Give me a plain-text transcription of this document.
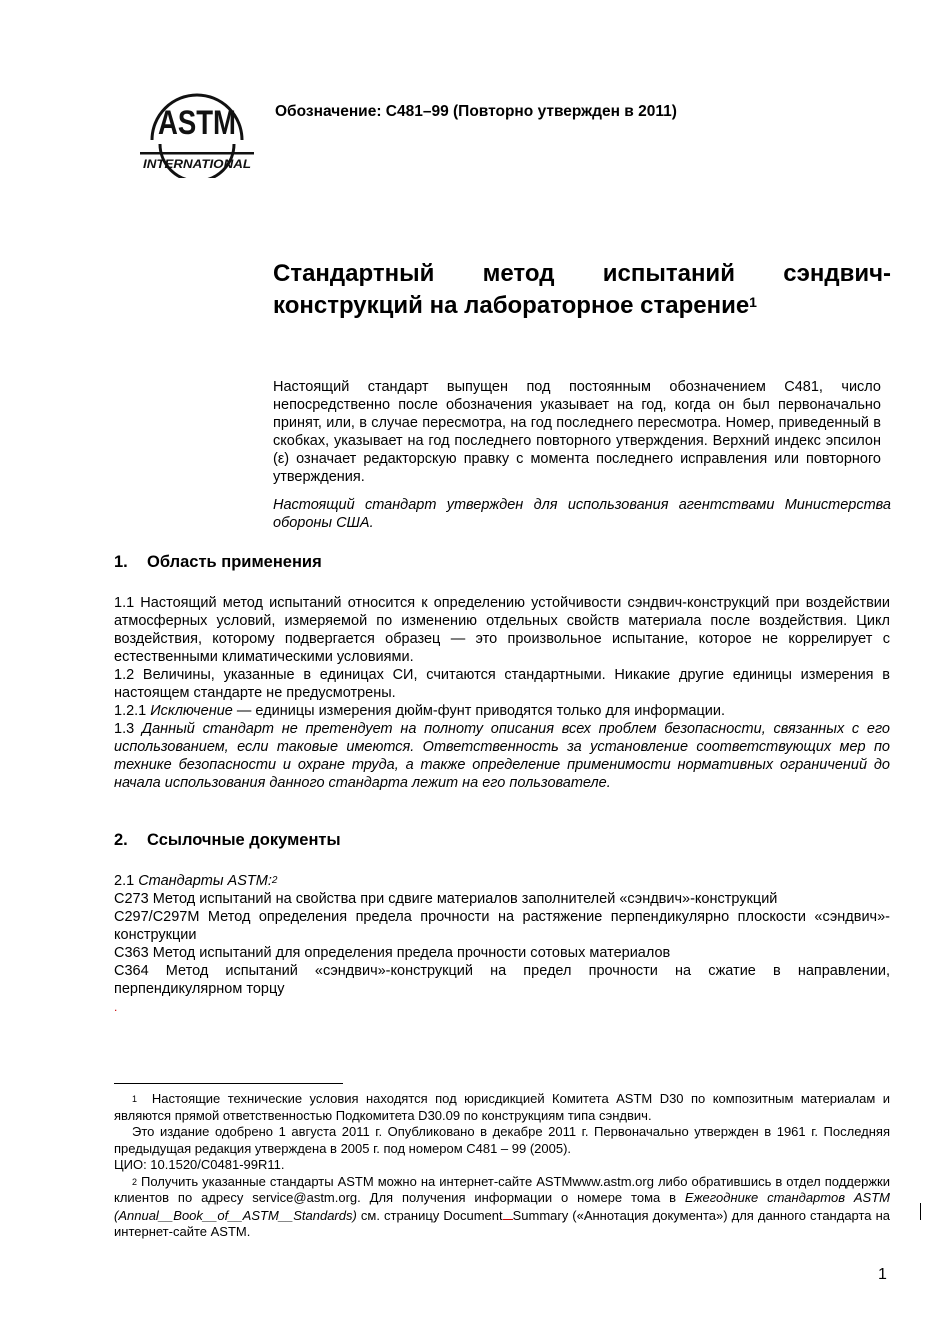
ASTM
INTERNATIONAL
Обозначение: C481–99 (Повторно утвержден в 2011)
Стандартный метод испытаний сэндвич-конструкций на лабораторное старение$^1$
Настоящий стандарт выпущен под постоянным обозначением C481, число непосредственно после обозначения указывает на год, когда он был первоначально принят, или, в случае пересмотра, на год последнего пересмотра. Номер, приведенный в скобках, указывает на год последнего повторного утверждения. Верхний индекс эпсилон (ε) означает редакторскую правку с момента последнего исправления или повторного утверждения.
Настоящий стандарт утвержден для использования агентствами Министерства обороны США.
1. Область применения

1.1 Настоящий метод испытаний относится к определению устойчивости сэндвич-конструкций при воздействии атмосферных условий, измеряемой по изменению отдельных свойств материала после воздействия. Цикл воздействия, которому подвергается образец — это произвольное испытание, которое не коррелирует с естественными климатическими условиями.

1.2 Величины, указанные в единицах СИ, считаются стандартными. Никакие другие единицы измерения в настоящем стандарте не предусмотрены.

1.2.1 Исключение — единицы измерения дюйм-фунт приводятся только для информации.

1.3 Данный стандарт не претендует на полноту описания всех проблем безопасности, связанных с его использованием, если таковые имеются. Ответственность за установление соответствующих мер по технике безопасности и охране труда, а также определение применимости нормативных ограничений до начала использования данного стандарта лежит на его пользователе.

2. Ссылочные документы

2.1 Стандарты ASTM:$^2$

C273 Метод испытаний на свойства при сдвиге материалов заполнителей «сэндвич»-конструкций

C297/C297M Метод определения предела прочности на растяжение перпендикулярно плоскости «сэндвич»-конструкции

C363 Метод испытаний для определения предела прочности сотовых материалов

C364 Метод испытаний «сэндвич»-конструкций на предел прочности на сжатие в направлении, перпендикулярном торцу

.

$^1$ Настоящие технические условия находятся под юрисдикцией Комитета ASTM D30 по композитным материалам и являются прямой ответственностью Подкомитета D30.09 по конструкциям типа сэндвич.

Это издание одобрено 1 августа 2011 г. Опубликовано в декабре 2011 г. Первоначально утвержден в 1961 г. Последняя предыдущая редакция утверждена в 2005 г. под номером C481 – 99 (2005).

ЦИО: 10.1520/C0481-99R11.

$^2$ Получить указанные стандарты ASTM можно на интернет-сайте ASTMwww.astm.org либо обратившись в отдел поддержки клиентов по адресу service@astm.org. Для получения информации о номере тома в Ежегоднике стандартов ASTM (Annual__Book__of__ASTM__Standards) см. страницу Document Summary («Аннотация документа») для данного стандарта на интернет-сайте ASTM.

1
